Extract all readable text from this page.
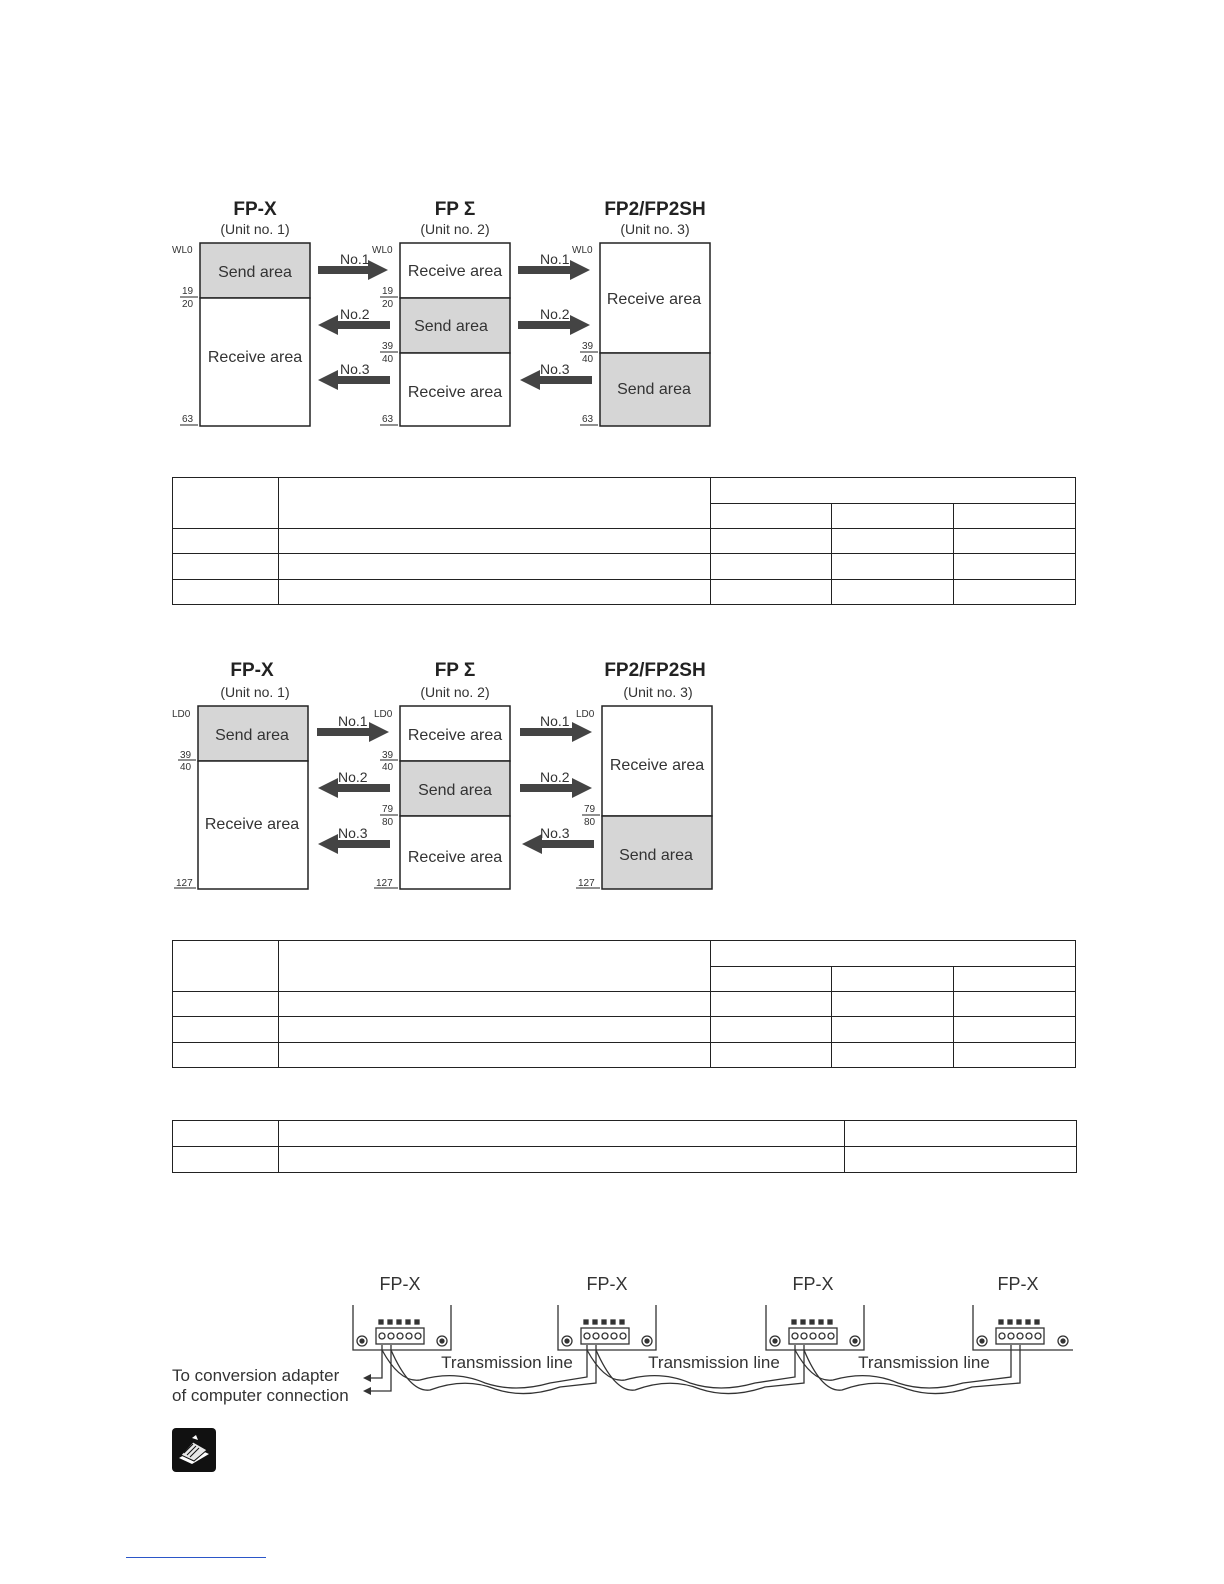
FP-X
(Unit no. 1)
FP Σ
(Unit no. 2)
FP2/FP2SH
(Unit no. 3)
Send area
Receive area
WL0
19
20
63
Receive area
Send area
Receive area
WL0
19
20
39
40
63
Receive area
Send area
WL0
39
40
63
No.1
No.2
No.3
No.1
No.2
No.3

FP-X
(Unit no. 1)
FP Σ
(Unit no. 2)
FP2/FP2SH
(Unit no. 3)
Send area
Receive area
LD0
39
40
127
Receive area
Send area
Receive area
LD0
39
40
79
80
127
Receive area
Send area
LD0
79
80
127
No.1
No.2
No.3
No.1
No.2
No.3

FP-X	FP-X	FP-X	FP-X
Transmission line	Transmission line	Transmission line
To conversion adapter
of computer connection
